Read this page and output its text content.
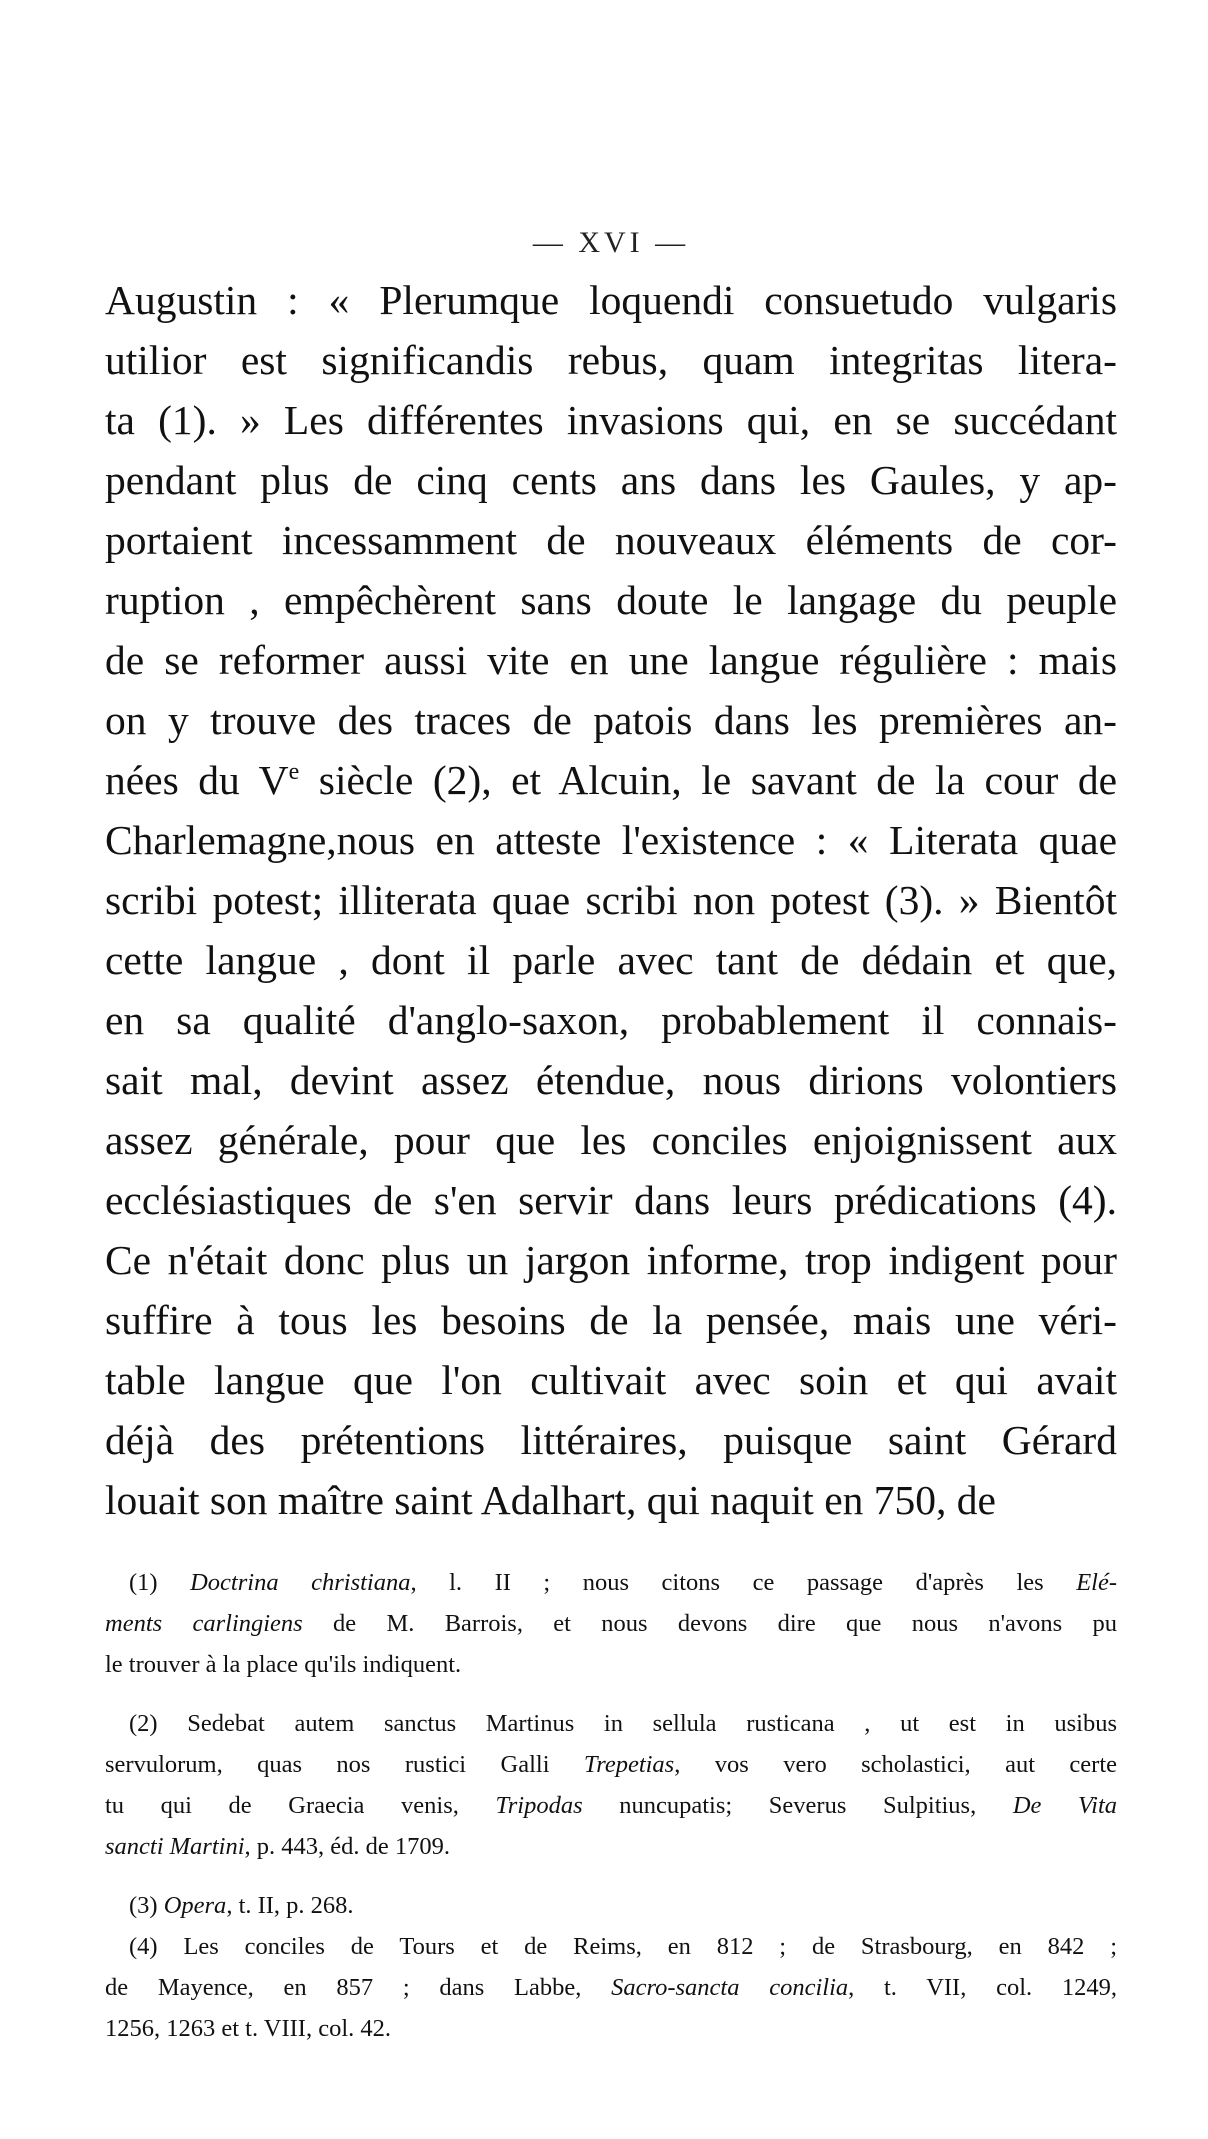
— XVI —
Augustin : « Plerumque loquendi consuetudo vulgaris
utilior est significandis rebus, quam integritas litera-
ta (1). » Les différentes invasions qui, en se succédant
pendant plus de cinq cents ans dans les Gaules, y ap-
portaient incessamment de nouveaux éléments de cor-
ruption , empêchèrent sans doute le langage du peuple
de se reformer aussi vite en une langue régulière : mais
on y trouve des traces de patois dans les premières an-
nées du Ve siècle (2), et Alcuin, le savant de la cour de
Charlemagne,nous en atteste l'existence : « Literata quae
scribi potest; illiterata quae scribi non potest (3). » Bientôt
cette langue , dont il parle avec tant de dédain et que,
en sa qualité d'anglo-saxon, probablement il connais-
sait mal, devint assez étendue, nous dirions volontiers
assez générale, pour que les conciles enjoignissent aux
ecclésiastiques de s'en servir dans leurs prédications (4).
Ce n'était donc plus un jargon informe, trop indigent pour
suffire à tous les besoins de la pensée, mais une véri-
table langue que l'on cultivait avec soin et qui avait
déjà des prétentions littéraires, puisque saint Gérard
louait son maître saint Adalhart, qui naquit en 750, de
(1) Doctrina christiana, l. II ; nous citons ce passage d'après les Elé-
ments carlingiens de M. Barrois, et nous devons dire que nous n'avons pu
le trouver à la place qu'ils indiquent.
(2) Sedebat autem sanctus Martinus in sellula rusticana , ut est in usibus
servulorum, quas nos rustici Galli Trepetias, vos vero scholastici, aut certe
tu qui de Graecia venis, Tripodas nuncupatis; Severus Sulpitius, De Vita
sancti Martini, p. 443, éd. de 1709.
(3) Opera, t. II, p. 268.
(4) Les conciles de Tours et de Reims, en 812 ; de Strasbourg, en 842 ;
de Mayence, en 857 ; dans Labbe, Sacro-sancta concilia, t. VII, col. 1249,
1256, 1263 et t. VIII, col. 42.
